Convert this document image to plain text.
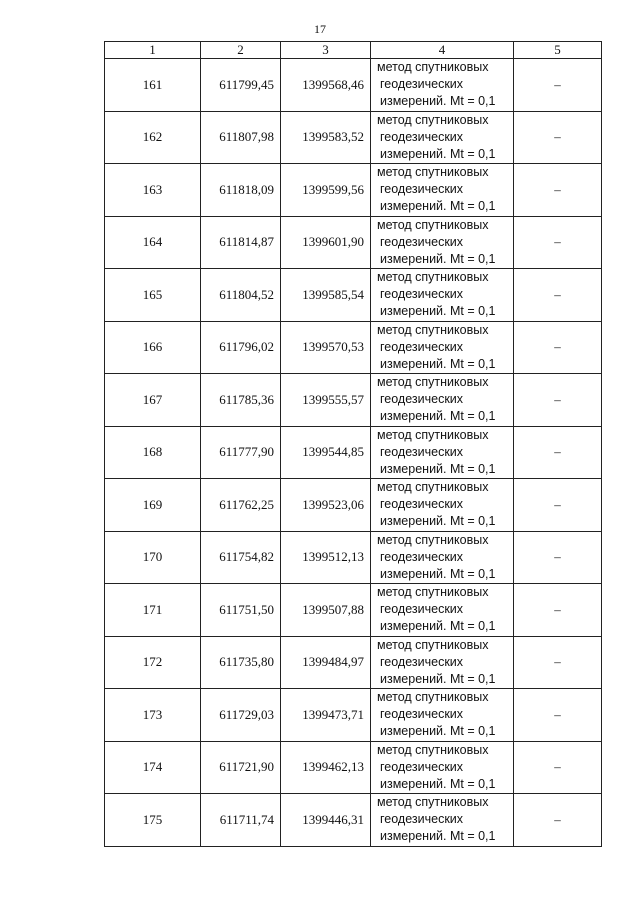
17
1	2	3	4	5
161	611799,45	1399568,46	метод спутниковых
геодезических
измерений. Mt = 0,1	–
162	611807,98	1399583,52	метод спутниковых
геодезических
измерений. Mt = 0,1	–
163	611818,09	1399599,56	метод спутниковых
геодезических
измерений. Mt = 0,1	–
164	611814,87	1399601,90	метод спутниковых
геодезических
измерений. Mt = 0,1	–
165	611804,52	1399585,54	метод спутниковых
геодезических
измерений. Mt = 0,1	–
166	611796,02	1399570,53	метод спутниковых
геодезических
измерений. Mt = 0,1	–
167	611785,36	1399555,57	метод спутниковых
геодезических
измерений. Mt = 0,1	–
168	611777,90	1399544,85	метод спутниковых
геодезических
измерений. Mt = 0,1	–
169	611762,25	1399523,06	метод спутниковых
геодезических
измерений. Mt = 0,1	–
170	611754,82	1399512,13	метод спутниковых
геодезических
измерений. Mt = 0,1	–
171	611751,50	1399507,88	метод спутниковых
геодезических
измерений. Mt = 0,1	–
172	611735,80	1399484,97	метод спутниковых
геодезических
измерений. Mt = 0,1	–
173	611729,03	1399473,71	метод спутниковых
геодезических
измерений. Mt = 0,1	–
174	611721,90	1399462,13	метод спутниковых
геодезических
измерений. Mt = 0,1	–
175	611711,74	1399446,31	метод спутниковых
геодезических
измерений. Mt = 0,1	–
